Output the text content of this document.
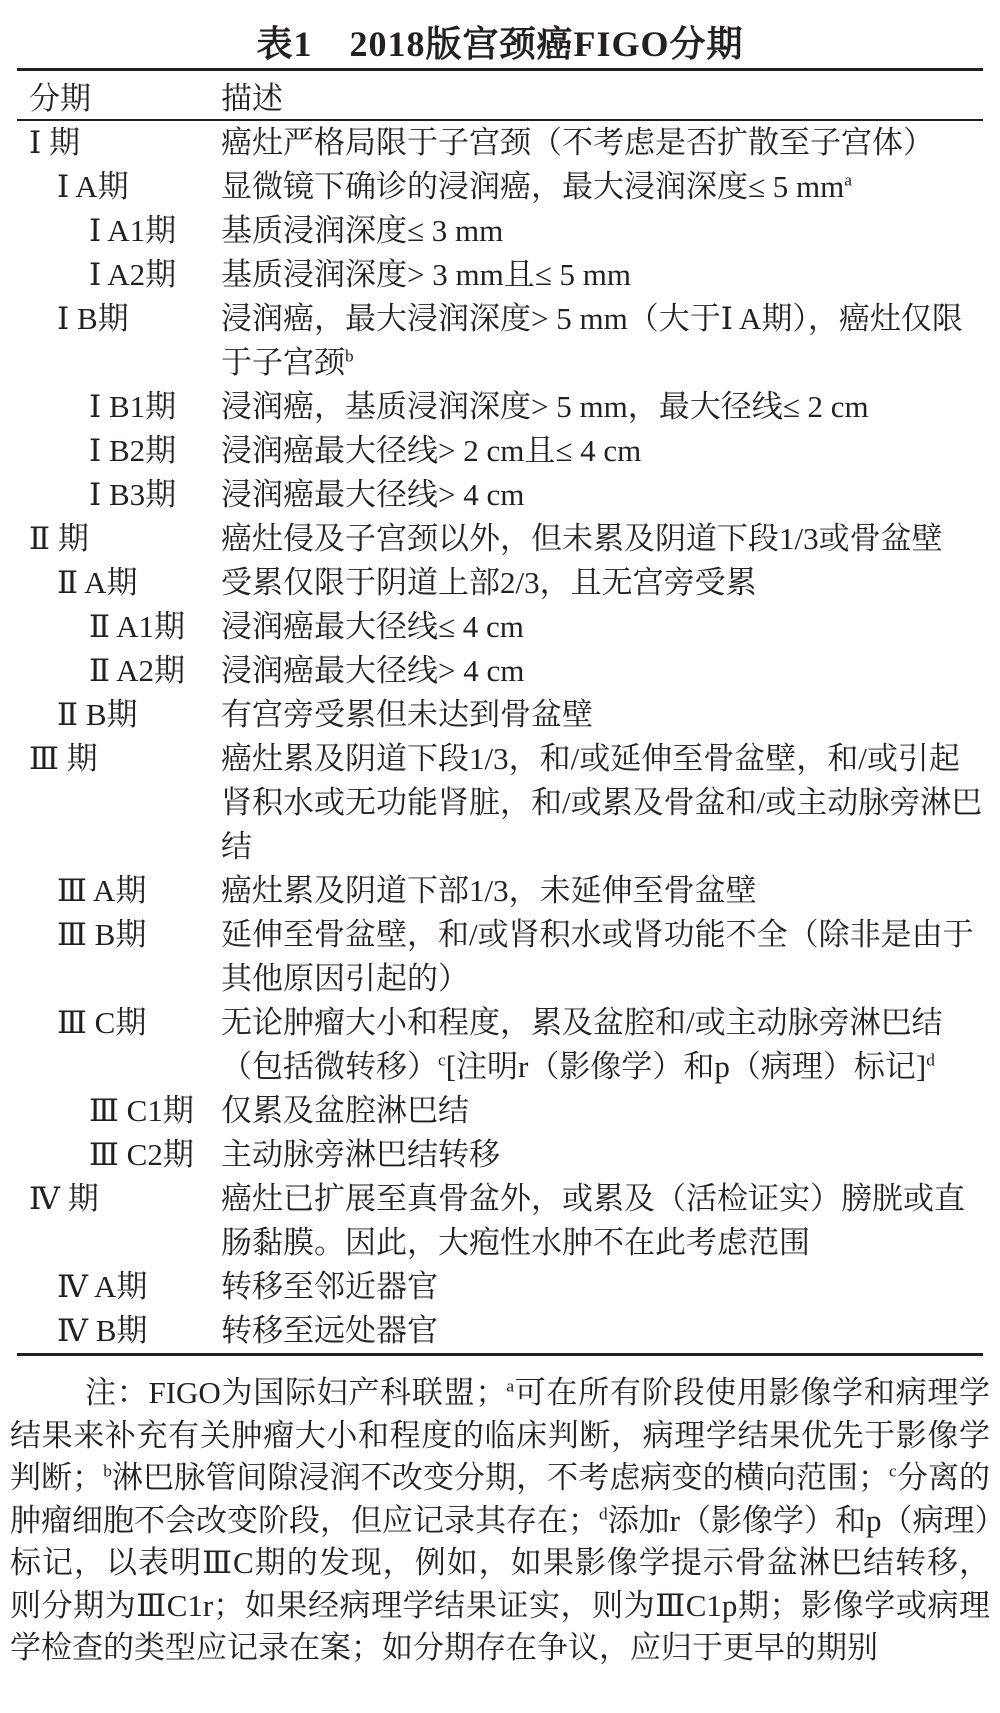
表1　2018版宫颈癌FIGO分期
分期	描述
Ⅰ 期	癌灶严格局限于子宫颈（不考虑是否扩散至子宫体）
Ⅰ A期	显微镜下确诊的浸润癌，最大浸润深度≤ 5 $mm^a$
Ⅰ A1期	基质浸润深度≤ 3 mm
Ⅰ A2期	基质浸润深度> 3 mm且≤ 5 mm
Ⅰ B期	浸润癌，最大浸润深度> 5 mm（大于Ⅰ A期），癌灶仅限于子宫颈$^b$
Ⅰ B1期	浸润癌，基质浸润深度> 5 mm，最大径线≤ 2 cm
Ⅰ B2期	浸润癌最大径线> 2 cm且≤ 4 cm
Ⅰ B3期	浸润癌最大径线> 4 cm
Ⅱ 期	癌灶侵及子宫颈以外，但未累及阴道下段1/3或骨盆壁
Ⅱ A期	受累仅限于阴道上部2/3，且无宫旁受累
Ⅱ A1期	浸润癌最大径线≤ 4 cm
Ⅱ A2期	浸润癌最大径线> 4 cm
Ⅱ B期	有宫旁受累但未达到骨盆壁
Ⅲ 期	癌灶累及阴道下段1/3，和/或延伸至骨盆壁，和/或引起肾积水或无功能肾脏，和/或累及骨盆和/或主动脉旁淋巴结
Ⅲ A期	癌灶累及阴道下部1/3，未延伸至骨盆壁
Ⅲ B期	延伸至骨盆壁，和/或肾积水或肾功能不全（除非是由于其他原因引起的）
Ⅲ C期	无论肿瘤大小和程度，累及盆腔和/或主动脉旁淋巴结（包括微转移）$^c$[注明r（影像学）和p（病理）标记]$^d$
Ⅲ C1期	仅累及盆腔淋巴结
Ⅲ C2期	主动脉旁淋巴结转移
Ⅳ 期	癌灶已扩展至真骨盆外，或累及（活检证实）膀胱或直肠黏膜。因此，大疱性水肿不在此考虑范围
Ⅳ A期	转移至邻近器官
Ⅳ B期	转移至远处器官

注：FIGO为国际妇产科联盟；$^a$可在所有阶段使用影像学和病理学结果来补充有关肿瘤大小和程度的临床判断，病理学结果优先于影像学判断；$^b$淋巴脉管间隙浸润不改变分期，不考虑病变的横向范围；$^c$分离的肿瘤细胞不会改变阶段，但应记录其存在；$^d$添加r（影像学）和p（病理）标记，以表明ⅢC期的发现，例如，如果影像学提示骨盆淋巴结转移，则分期为ⅢC1r；如果经病理学结果证实，则为ⅢC1p期；影像学或病理学检查的类型应记录在案；如分期存在争议，应归于更早的期别
